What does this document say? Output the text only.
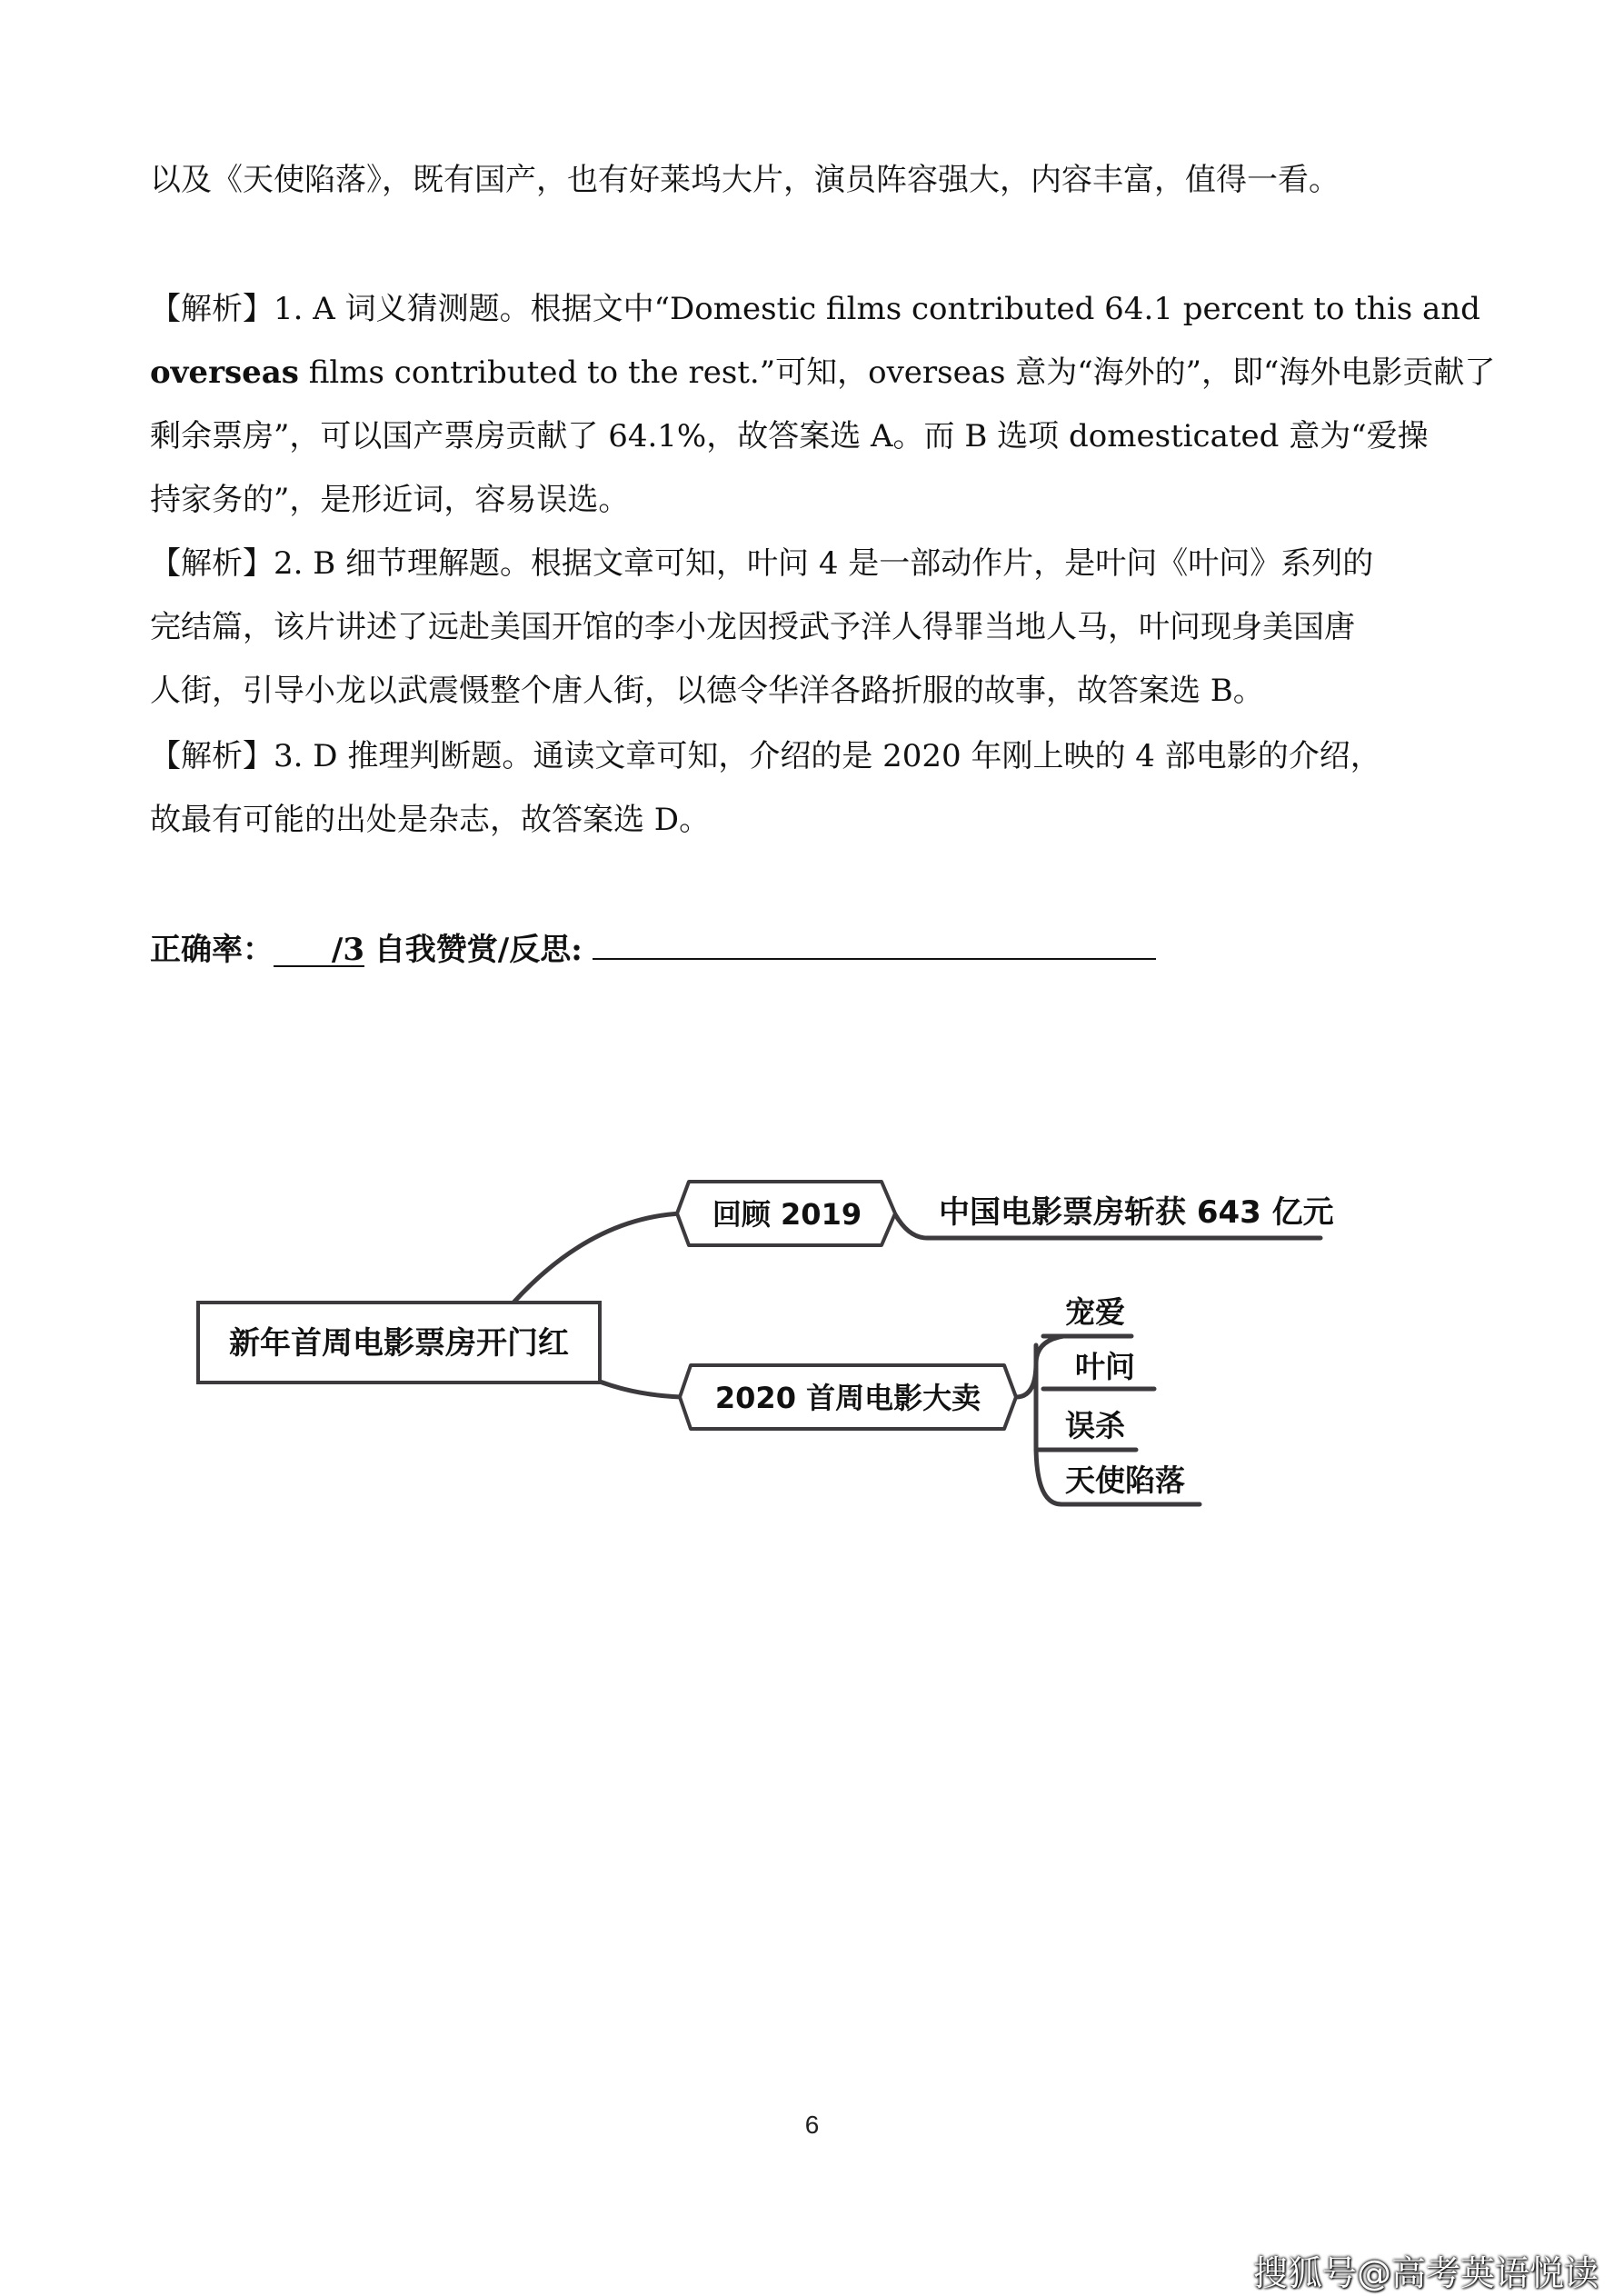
以及《天使陷落》，既有国产，也有好莱坞大片，演员阵容强大，内容丰富，值得一看。

【解析】1. A 词义猜测题。根据文中“Domestic films contributed 64.1 percent to this and
overseas films contributed to the rest.”可知，overseas 意为“海外的”，即“海外电影贡献了
剩余票房”，可以国产票房贡献了 64.1%，故答案选 A。而 B 选项 domesticated 意为“爱操
持家务的”，是形近词，容易误选。

【解析】2. B 细节理解题。根据文章可知，叶问 4 是一部动作片，是叶问《叶问》系列的
完结篇，该片讲述了远赴美国开馆的李小龙因授武予洋人得罪当地人马，叶问现身美国唐
人街，引导小龙以武震慑整个唐人街，以德令华洋各路折服的故事，故答案选 B。

【解析】3. D 推理判断题。通读文章可知，介绍的是 2020 年刚上映的 4 部电影的介绍，
故最有可能的出处是杂志，故答案选 D。

正确率： /3 自我赞赏/反思:
新年首周电影票房开门红
回顾 2019 中国电影票房斩获 643 亿元
2020 首周电影大卖
宠爱
叶问
误杀
天使陷落
6
搜狐号@高考英语悦读
